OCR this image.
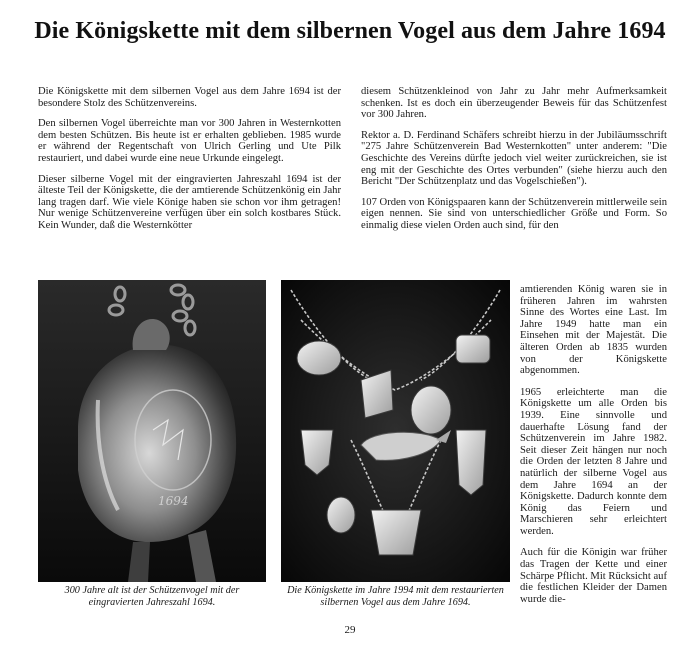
Die Königskette mit dem silbernen Vogel aus dem Jahre 1694

Die Königskette mit dem silbernen Vogel aus dem Jahre 1694 ist der besondere Stolz des Schützenvereins.

Den silbernen Vogel überreichte man vor 300 Jahren in Westernkotten dem besten Schützen. Bis heute ist er erhalten geblieben. 1985 wurde er während der Regentschaft von Ulrich Gerling und Ute Pilk restauriert, und dabei wurde eine neue Urkunde eingelegt.

Dieser silberne Vogel mit der eingravierten Jahreszahl 1694 ist der älteste Teil der Königskette, die der amtierende Schützenkönig ein Jahr lang tragen darf. Wie viele Könige haben sie schon vor ihm getragen! Nur wenige Schützenvereine verfügen über ein solch kostbares Stück. Kein Wunder, daß die Westernkötter

diesem Schützenkleinod von Jahr zu Jahr mehr Aufmerksamkeit schenken. Ist es doch ein überzeugender Beweis für das Schützenfest vor 300 Jahren.

Rektor a. D. Ferdinand Schäfers schreibt hierzu in der Jubiläumsschrift "275 Jahre Schützenverein Bad Westernkotten" unter anderem: "Die Geschichte des Vereins dürfte jedoch viel weiter zurückreichen, sie ist eng mit der Geschichte des Ortes verbunden" (siehe hierzu auch den Bericht "Der Schützenplatz und das Vogelschießen").

107 Orden von Königspaaren kann der Schützenverein mittlerweile sein eigen nennen. Sie sind von unterschiedlicher Größe und Form. So einmalig diese vielen Orden auch sind, für den

amtierenden König waren sie in früheren Jahren im wahrsten Sinne des Wortes eine Last. Im Jahre 1949 hatte man ein Einsehen mit der Majestät. Die älteren Orden ab 1835 wurden von der Königskette abgenommen.

1965 erleichterte man die Königskette um alle Orden bis 1939. Eine sinnvolle und dauerhafte Lösung fand der Schützenverein im Jahre 1982. Seit dieser Zeit hängen nur noch die Orden der letzten 8 Jahre und natürlich der silberne Vogel aus dem Jahre 1694 an der Königskette. Dadurch konnte dem König das Feiern und Marschieren sehr erleichtert werden.

Auch für die Königin war früher das Tragen der Kette und einer Schärpe Pflicht. Mit Rücksicht auf die festlichen Kleider der Damen wurde die-

1694
300 Jahre alt ist der Schützenvogel mit der eingravierten Jahreszahl 1694.
Die Königskette im Jahre 1994 mit dem restaurierten silbernen Vogel aus dem Jahre 1694.
29
